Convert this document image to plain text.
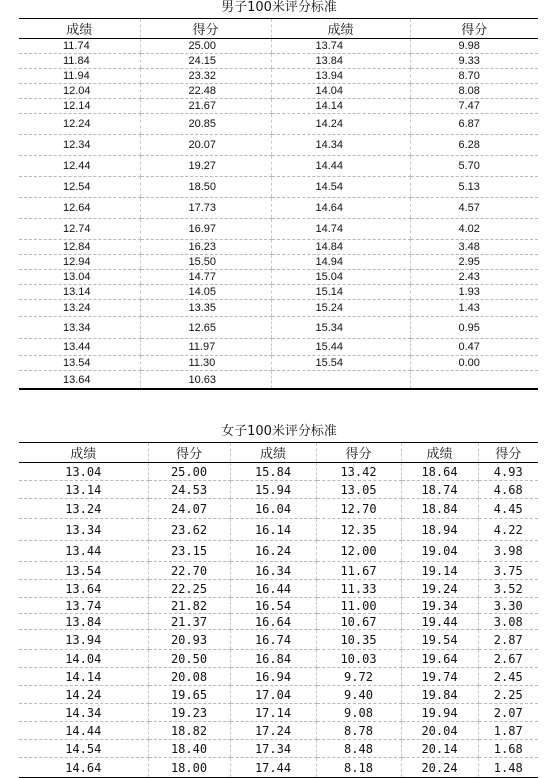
男子100米评分标准
成绩	得分	成绩	得分
11.74	25.00	13.74	9.98
11.84	24.15	13.84	9.33
11.94	23.32	13.94	8.70
12.04	22.48	14.04	8.08
12.14	21.67	14.14	7.47
12.24	20.85	14.24	6.87
12.34	20.07	14.34	6.28
12.44	19.27	14.44	5.70
12.54	18.50	14.54	5.13
12.64	17.73	14.64	4.57
12.74	16.97	14.74	4.02
12.84	16.23	14.84	3.48
12.94	15.50	14.94	2.95
13.04	14.77	15.04	2.43
13.14	14.05	15.14	1.93
13.24	13.35	15.24	1.43
13.34	12.65	15.34	0.95
13.44	11.97	15.44	0.47
13.54	11.30	15.54	0.00
13.64	10.63		
女子100米评分标准
成绩	得分	成绩	得分	成绩	得分
13.04	25.00	15.84	13.42	18.64	4.93
13.14	24.53	15.94	13.05	18.74	4.68
13.24	24.07	16.04	12.70	18.84	4.45
13.34	23.62	16.14	12.35	18.94	4.22
13.44	23.15	16.24	12.00	19.04	3.98
13.54	22.70	16.34	11.67	19.14	3.75
13.64	22.25	16.44	11.33	19.24	3.52
13.74	21.82	16.54	11.00	19.34	3.30
13.84	21.37	16.64	10.67	19.44	3.08
13.94	20.93	16.74	10.35	19.54	2.87
14.04	20.50	16.84	10.03	19.64	2.67
14.14	20.08	16.94	9.72	19.74	2.45
14.24	19.65	17.04	9.40	19.84	2.25
14.34	19.23	17.14	9.08	19.94	2.07
14.44	18.82	17.24	8.78	20.04	1.87
14.54	18.40	17.34	8.48	20.14	1.68
14.64	18.00	17.44	8.18	20.24	1.48
